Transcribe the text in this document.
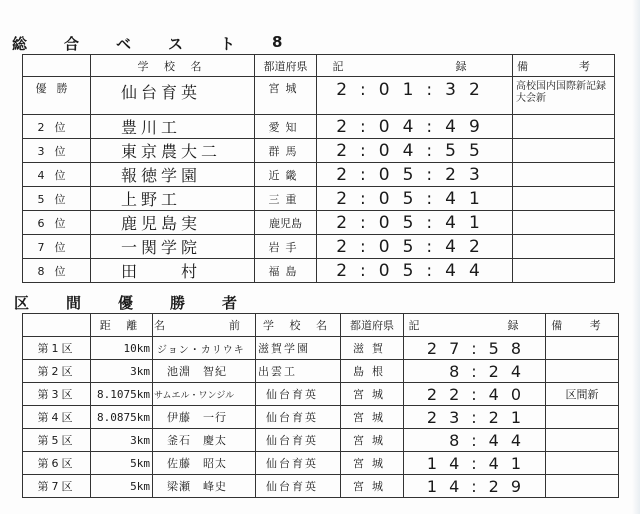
総	合	ベ	ス	ト	8
	学 校 名	都道府県	記　　録	備　考
優勝	仙台育英	宮城	2:01:32	高校国内国際新記録 大会新
2位	豊川工	愛知	2:04:49	
3位	東京農大二	群馬	2:04:55	
4位	報徳学園	近畿	2:05:23	
5位	上野工	三重	2:05:41	
6位	鹿児島実	鹿児島	2:05:41	
7位	一関学院	岩手	2:05:42	
8位	田　村	福島	2:05:44	
区	間	優	勝	者
	距 離	名　　前	学 校 名	都道府県	記　　録	備 考
第1区	10km	ジョン・カリウキ	滋賀学園	滋賀	27:58	
第2区	3km	池淵　智紀	出雲工	島根	8:24	
第3区	8.1075km	サムエル・ワンジル	仙台育英	宮城	22:40	区間新
第4区	8.0875km	伊藤　一行	仙台育英	宮城	23:21	
第5区	3km	釜石　慶太	仙台育英	宮城	8:44	
第6区	5km	佐藤　昭太	仙台育英	宮城	14:41	
第7区	5km	梁瀬　峰史	仙台育英	宮城	14:29	
